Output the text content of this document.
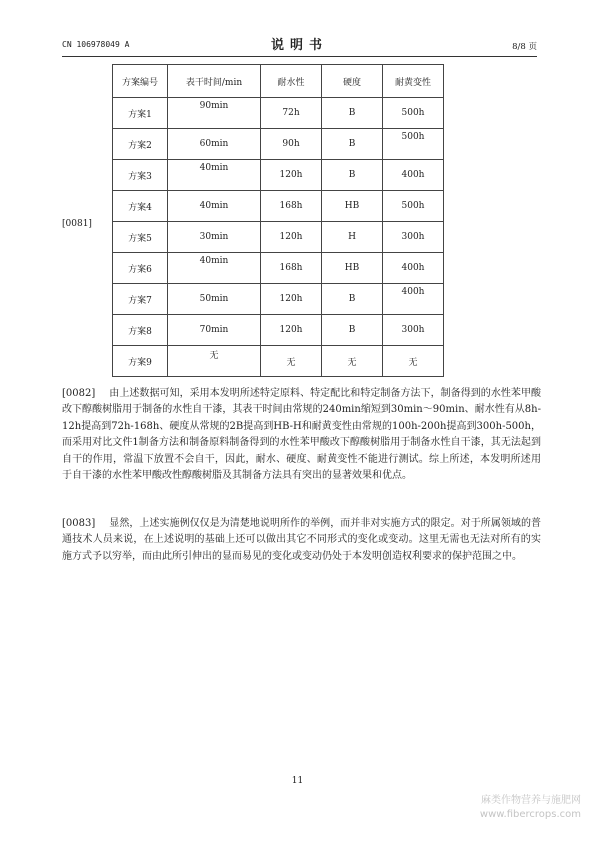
CN 106978049 A	说明书	8/8 页
[0081]
方案编号	表干时间/min	耐水性	硬度	耐黄变性
方案1	90min	72h	B	500h
方案2	60min	90h	B	500h
方案3	40min	120h	B	400h
方案4	40min	168h	HB	500h
方案5	30min	120h	H	300h
方案6	40min	168h	HB	400h
方案7	50min	120h	B	400h
方案8	70min	120h	B	300h
方案9	无	无	无	无

[0082] 由上述数据可知，采用本发明所述特定原料、特定配比和特定制备方法下，制备得到的水性苯甲酸改下醇酸树脂用于制备的水性自干漆，其表干时间由常规的240min缩短到30min～90min、耐水性有从8h-12h提高到72h-168h、硬度从常规的2B提高到HB-H和耐黄变性由常规的100h-200h提高到300h-500h，而采用对比文件1制备方法和制备原料制备得到的水性苯甲酸改下醇酸树脂用于制备水性自干漆，其无法起到自干的作用，常温下放置不会自干，因此，耐水、硬度、耐黄变性不能进行测试。综上所述，本发明所述用于自干漆的水性苯甲酸改性醇酸树脂及其制备方法具有突出的显著效果和优点。

[0083] 显然，上述实施例仅仅是为清楚地说明所作的举例，而并非对实施方式的限定。对于所属领域的普通技术人员来说，在上述说明的基础上还可以做出其它不同形式的变化或变动。这里无需也无法对所有的实施方式予以穷举，而由此所引伸出的显而易见的变化或变动仍处于本发明创造权利要求的保护范围之中。

11
麻类作物营养与施肥网
www.fibercrops.com
